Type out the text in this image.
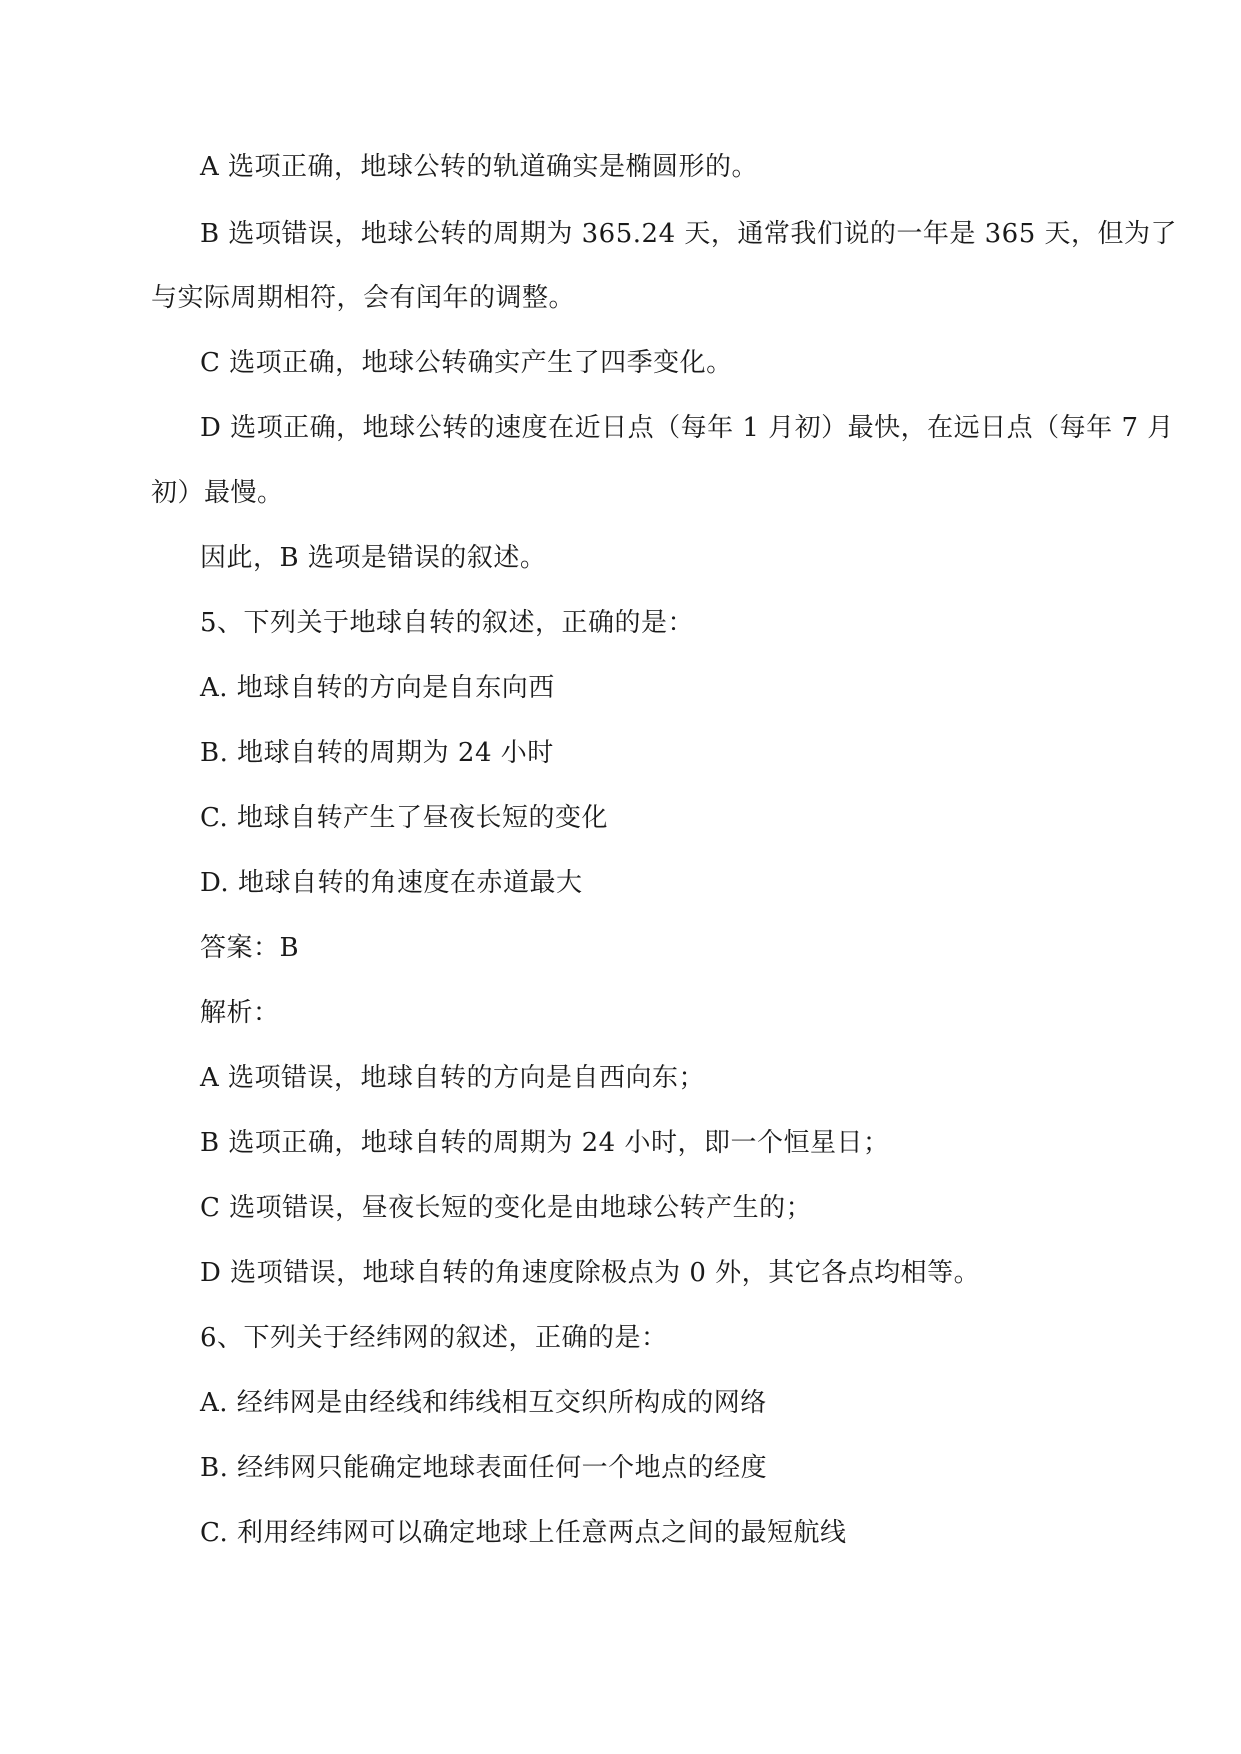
A 选项正确，地球公转的轨道确实是椭圆形的。
B 选项错误，地球公转的周期为 365.24 天，通常我们说的一年是 365 天，但为了
与实际周期相符，会有闰年的调整。
C 选项正确，地球公转确实产生了四季变化。
D 选项正确，地球公转的速度在近日点（每年 1 月初）最快，在远日点（每年 7 月
初）最慢。
因此，B 选项是错误的叙述。
5、下列关于地球自转的叙述，正确的是：
A. 地球自转的方向是自东向西
B. 地球自转的周期为 24 小时
C. 地球自转产生了昼夜长短的变化
D. 地球自转的角速度在赤道最大
答案：B
解析：
A 选项错误，地球自转的方向是自西向东；
B 选项正确，地球自转的周期为 24 小时，即一个恒星日；
C 选项错误，昼夜长短的变化是由地球公转产生的；
D 选项错误，地球自转的角速度除极点为 0 外，其它各点均相等。
6、下列关于经纬网的叙述，正确的是：
A. 经纬网是由经线和纬线相互交织所构成的网络
B. 经纬网只能确定地球表面任何一个地点的经度
C. 利用经纬网可以确定地球上任意两点之间的最短航线
